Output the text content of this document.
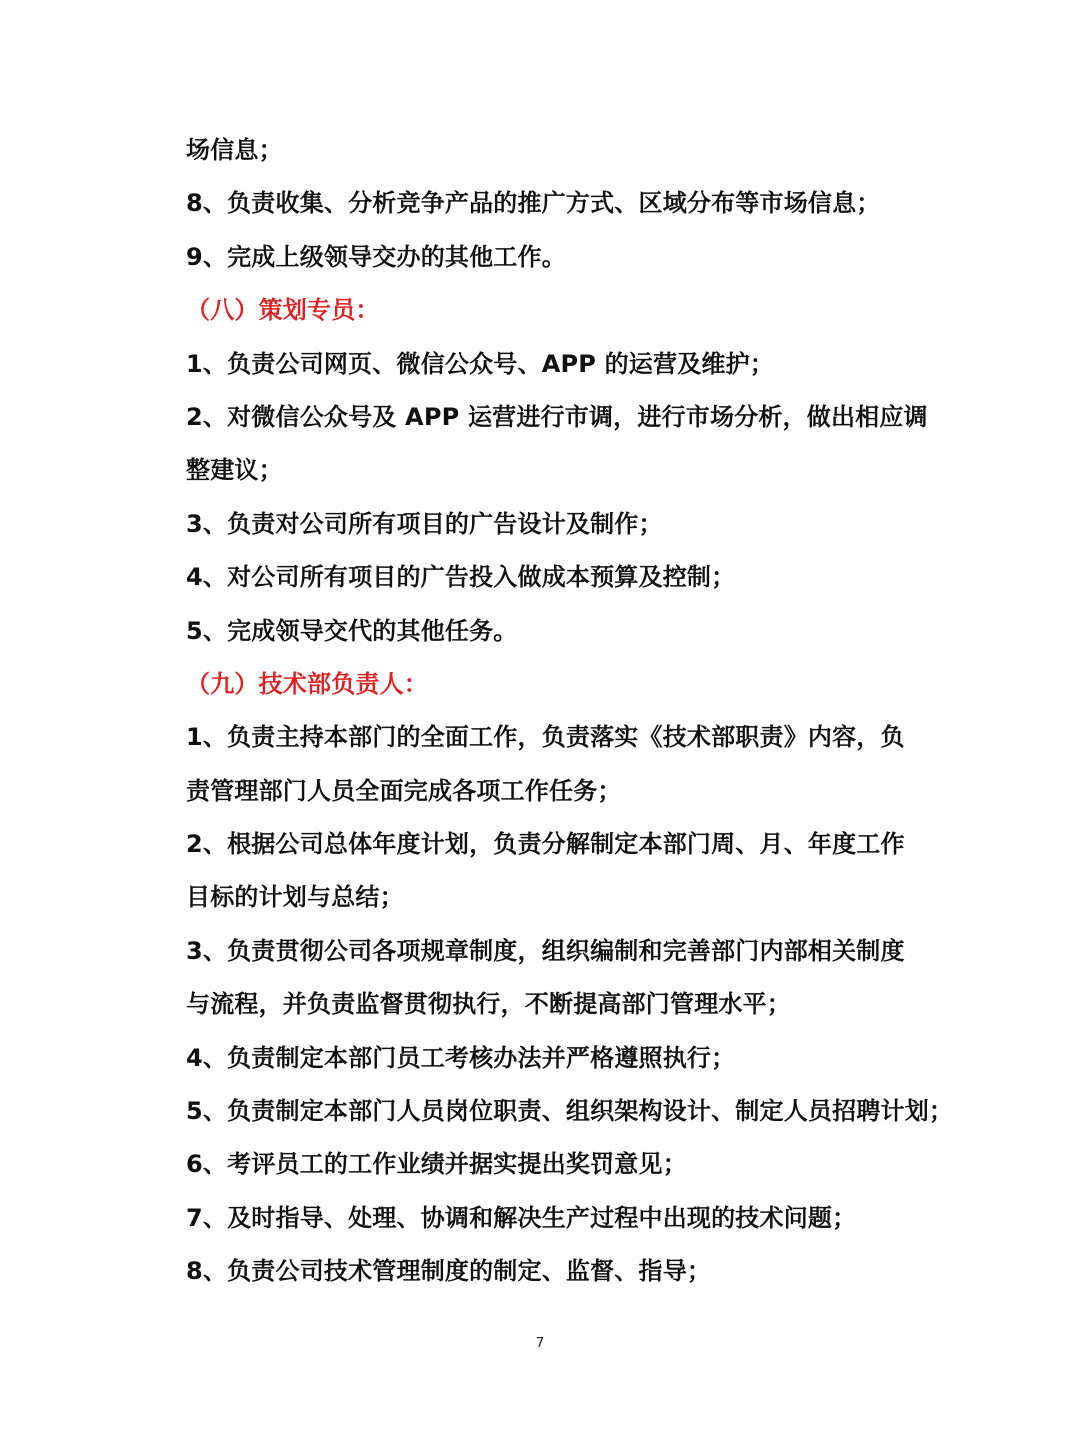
场信息；
8、负责收集、分析竞争产品的推广方式、区域分布等市场信息；
9、完成上级领导交办的其他工作。
（八）策划专员：
1、负责公司网页、微信公众号、APP 的运营及维护；
2、对微信公众号及 APP 运营进行市调，进行市场分析，做出相应调
整建议；
3、负责对公司所有项目的广告设计及制作；
4、对公司所有项目的广告投入做成本预算及控制；
5、完成领导交代的其他任务。
（九）技术部负责人：
1、负责主持本部门的全面工作，负责落实《技术部职责》内容，负
责管理部门人员全面完成各项工作任务；
2、根据公司总体年度计划，负责分解制定本部门周、月、年度工作
目标的计划与总结；
3、负责贯彻公司各项规章制度，组织编制和完善部门内部相关制度
与流程，并负责监督贯彻执行，不断提高部门管理水平；
4、负责制定本部门员工考核办法并严格遵照执行；
5、负责制定本部门人员岗位职责、组织架构设计、制定人员招聘计划；
6、考评员工的工作业绩并据实提出奖罚意见；
7、及时指导、处理、协调和解决生产过程中出现的技术问题；
8、负责公司技术管理制度的制定、监督、指导；
7
